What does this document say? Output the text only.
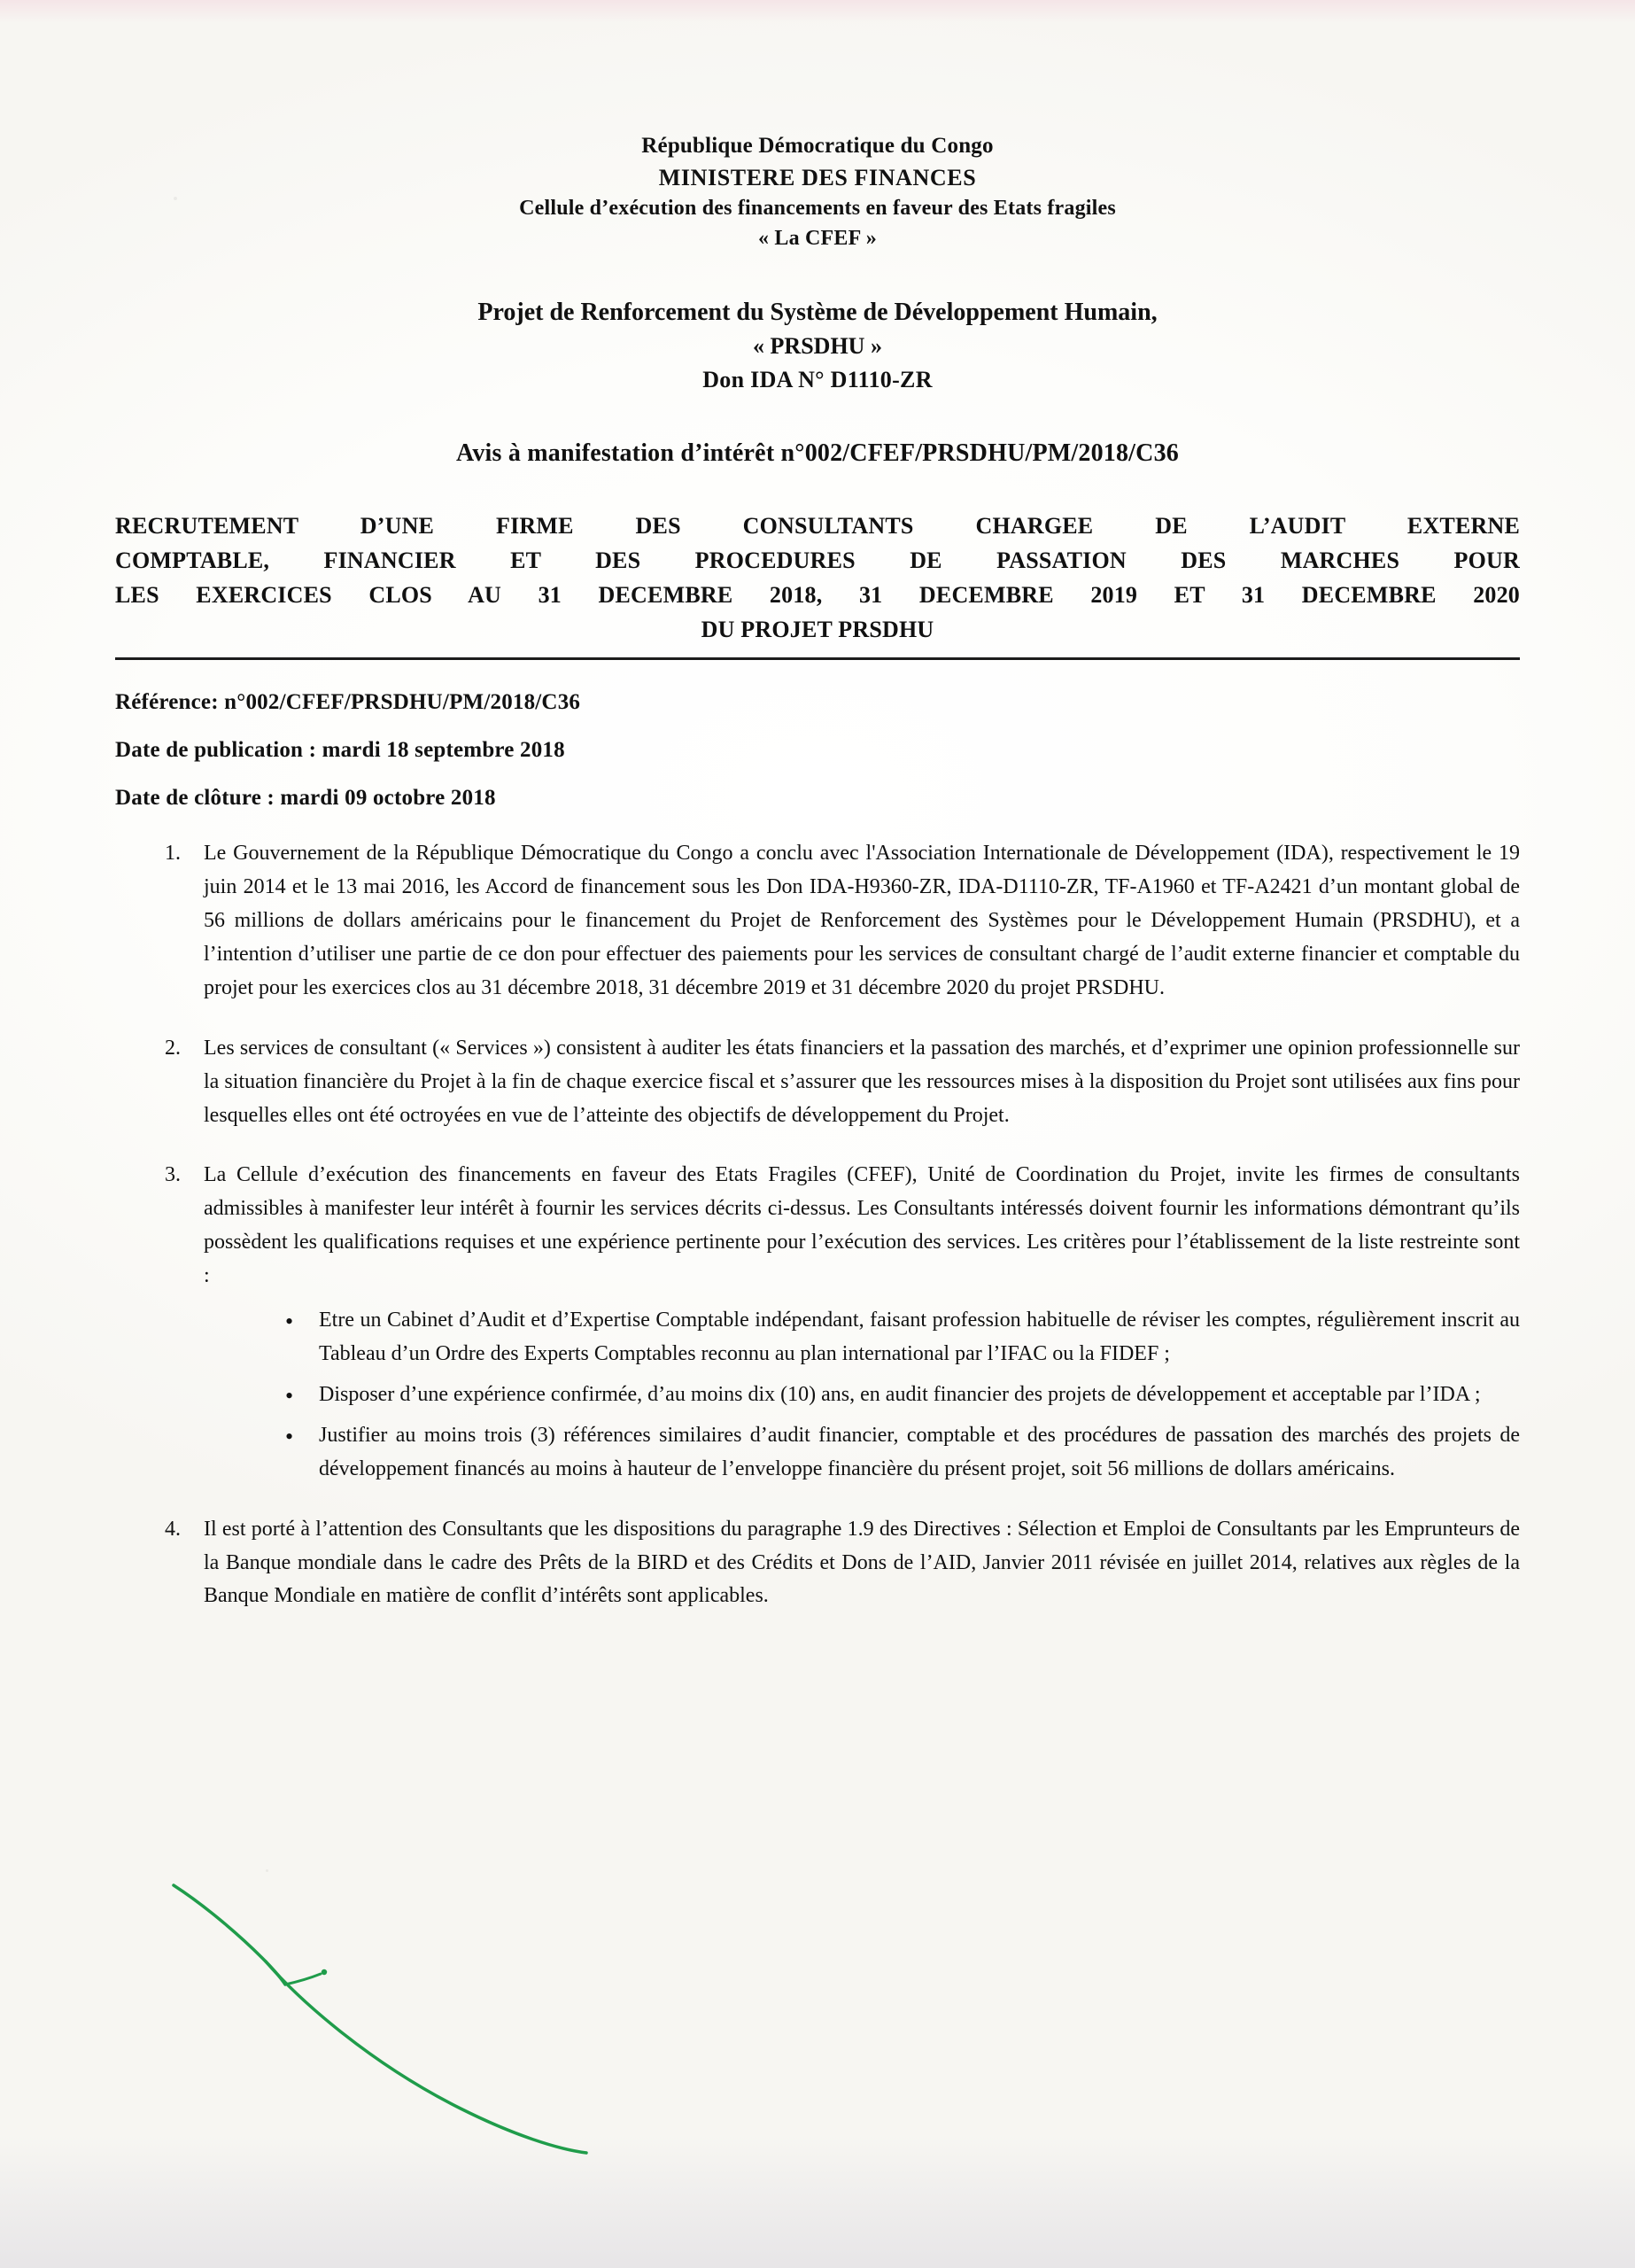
République Démocratique du Congo
MINISTERE DES FINANCES
Cellule d’exécution des financements en faveur des Etats fragiles
« La CFEF »
Projet de Renforcement du Système de Développement Humain,
« PRSDHU »
Don IDA N° D1110-ZR
Avis à manifestation d’intérêt n°002/CFEF/PRSDHU/PM/2018/C36
RECRUTEMENT D’UNE FIRME DES CONSULTANTS CHARGEE DE L’AUDIT EXTERNE
COMPTABLE, FINANCIER ET DES PROCEDURES DE PASSATION DES MARCHES POUR
LES EXERCICES CLOS AU 31 DECEMBRE 2018, 31 DECEMBRE 2019 ET 31 DECEMBRE 2020
DU PROJET PRSDHU
Référence: n°002/CFEF/PRSDHU/PM/2018/C36
Date de publication : mardi 18 septembre 2018
Date de clôture : mardi 09 octobre 2018
Le Gouvernement de la République Démocratique du Congo a conclu avec l'Association Internationale de Développement (IDA), respectivement le 19 juin 2014 et le 13 mai 2016, les Accord de financement sous les Don IDA-H9360-ZR, IDA-D1110-ZR, TF-A1960 et TF-A2421 d’un montant global de 56 millions de dollars américains pour le financement du Projet de Renforcement des Systèmes pour le Développement Humain (PRSDHU), et a l’intention d’utiliser une partie de ce don pour effectuer des paiements pour les services de consultant chargé de l’audit externe financier et comptable du projet pour les exercices clos au 31 décembre 2018, 31 décembre 2019 et 31 décembre 2020 du projet PRSDHU.
Les services de consultant (« Services ») consistent à auditer les états financiers et la passation des marchés, et d’exprimer une opinion professionnelle sur la situation financière du Projet à la fin de chaque exercice fiscal et s’assurer que les ressources mises à la disposition du Projet sont utilisées aux fins pour lesquelles elles ont été octroyées en vue de l’atteinte des objectifs de développement du Projet.
La Cellule d’exécution des financements en faveur des Etats Fragiles (CFEF), Unité de Coordination du Projet, invite les firmes de consultants admissibles à manifester leur intérêt à fournir les services décrits ci-dessus. Les Consultants intéressés doivent fournir les informations démontrant qu’ils possèdent les qualifications requises et une expérience pertinente pour l’exécution des services. Les critères pour l’établissement de la liste restreinte sont :
• Etre un Cabinet d’Audit et d’Expertise Comptable indépendant, faisant profession habituelle de réviser les comptes, régulièrement inscrit au Tableau d’un Ordre des Experts Comptables reconnu au plan international par l’IFAC ou la FIDEF ;
• Disposer d’une expérience confirmée, d’au moins dix (10) ans, en audit financier des projets de développement et acceptable par l’IDA ;
• Justifier au moins trois (3) références similaires d’audit financier, comptable et des procédures de passation des marchés des projets de développement financés au moins à hauteur de l’enveloppe financière du présent projet, soit 56 millions de dollars américains.
Il est porté à l’attention des Consultants que les dispositions du paragraphe 1.9 des Directives : Sélection et Emploi de Consultants par les Emprunteurs de la Banque mondiale dans le cadre des Prêts de la BIRD et des Crédits et Dons de l’AID, Janvier 2011 révisée en juillet 2014, relatives aux règles de la Banque Mondiale en matière de conflit d’intérêts sont applicables.
